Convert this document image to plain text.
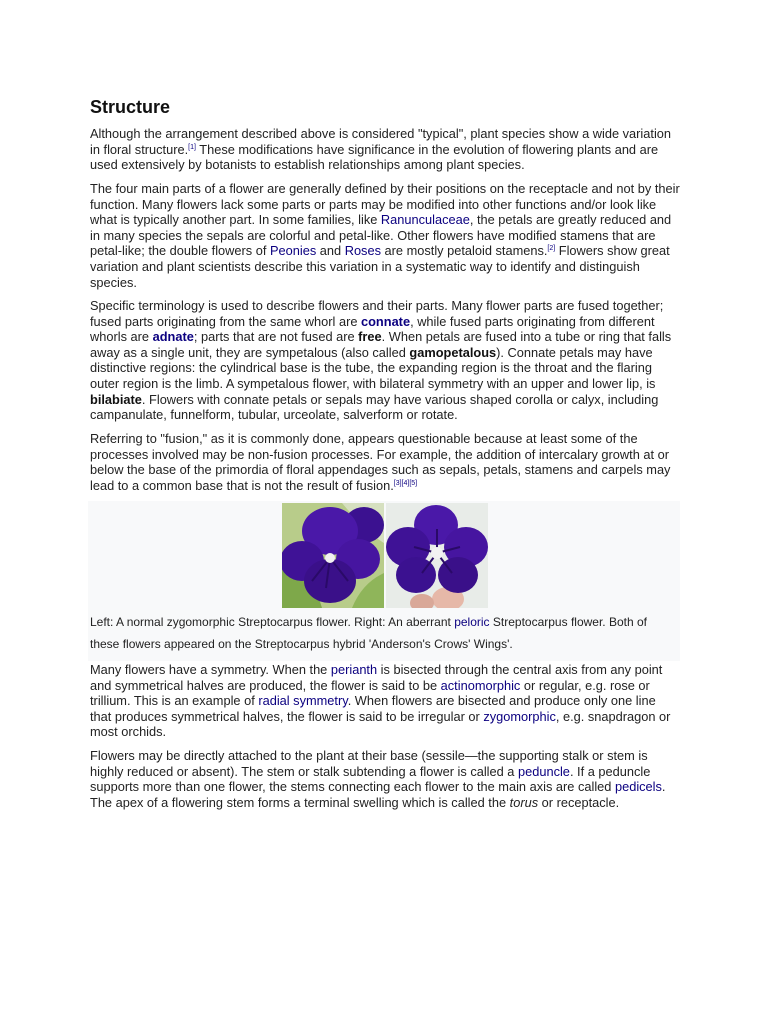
Structure

Although the arrangement described above is considered "typical", plant species show a wide variation in floral structure.[1] These modifications have significance in the evolution of flowering plants and are used extensively by botanists to establish relationships among plant species.

The four main parts of a flower are generally defined by their positions on the receptacle and not by their function. Many flowers lack some parts or parts may be modified into other functions and/or look like what is typically another part. In some families, like Ranunculaceae, the petals are greatly reduced and in many species the sepals are colorful and petal-like. Other flowers have modified stamens that are petal-like; the double flowers of Peonies and Roses are mostly petaloid stamens.[2] Flowers show great variation and plant scientists describe this variation in a systematic way to identify and distinguish species.

Specific terminology is used to describe flowers and their parts. Many flower parts are fused together; fused parts originating from the same whorl are connate, while fused parts originating from different whorls are adnate; parts that are not fused are free. When petals are fused into a tube or ring that falls away as a single unit, they are sympetalous (also called gamopetalous). Connate petals may have distinctive regions: the cylindrical base is the tube, the expanding region is the throat and the flaring outer region is the limb. A sympetalous flower, with bilateral symmetry with an upper and lower lip, is bilabiate. Flowers with connate petals or sepals may have various shaped corolla or calyx, including campanulate, funnelform, tubular, urceolate, salverform or rotate.

Referring to "fusion," as it is commonly done, appears questionable because at least some of the processes involved may be non-fusion processes. For example, the addition of intercalary growth at or below the base of the primordia of floral appendages such as sepals, petals, stamens and carpels may lead to a common base that is not the result of fusion.[3][4][5]

Left: A normal zygomorphic Streptocarpus flower. Right: An aberrant peloric Streptocarpus flower. Both of these flowers appeared on the Streptocarpus hybrid 'Anderson's Crows' Wings'.

Many flowers have a symmetry. When the perianth is bisected through the central axis from any point and symmetrical halves are produced, the flower is said to be actinomorphic or regular, e.g. rose or trillium. This is an example of radial symmetry. When flowers are bisected and produce only one line that produces symmetrical halves, the flower is said to be irregular or zygomorphic, e.g. snapdragon or most orchids.

Flowers may be directly attached to the plant at their base (sessile—the supporting stalk or stem is highly reduced or absent). The stem or stalk subtending a flower is called a peduncle. If a peduncle supports more than one flower, the stems connecting each flower to the main axis are called pedicels. The apex of a flowering stem forms a terminal swelling which is called the torus or receptacle.
